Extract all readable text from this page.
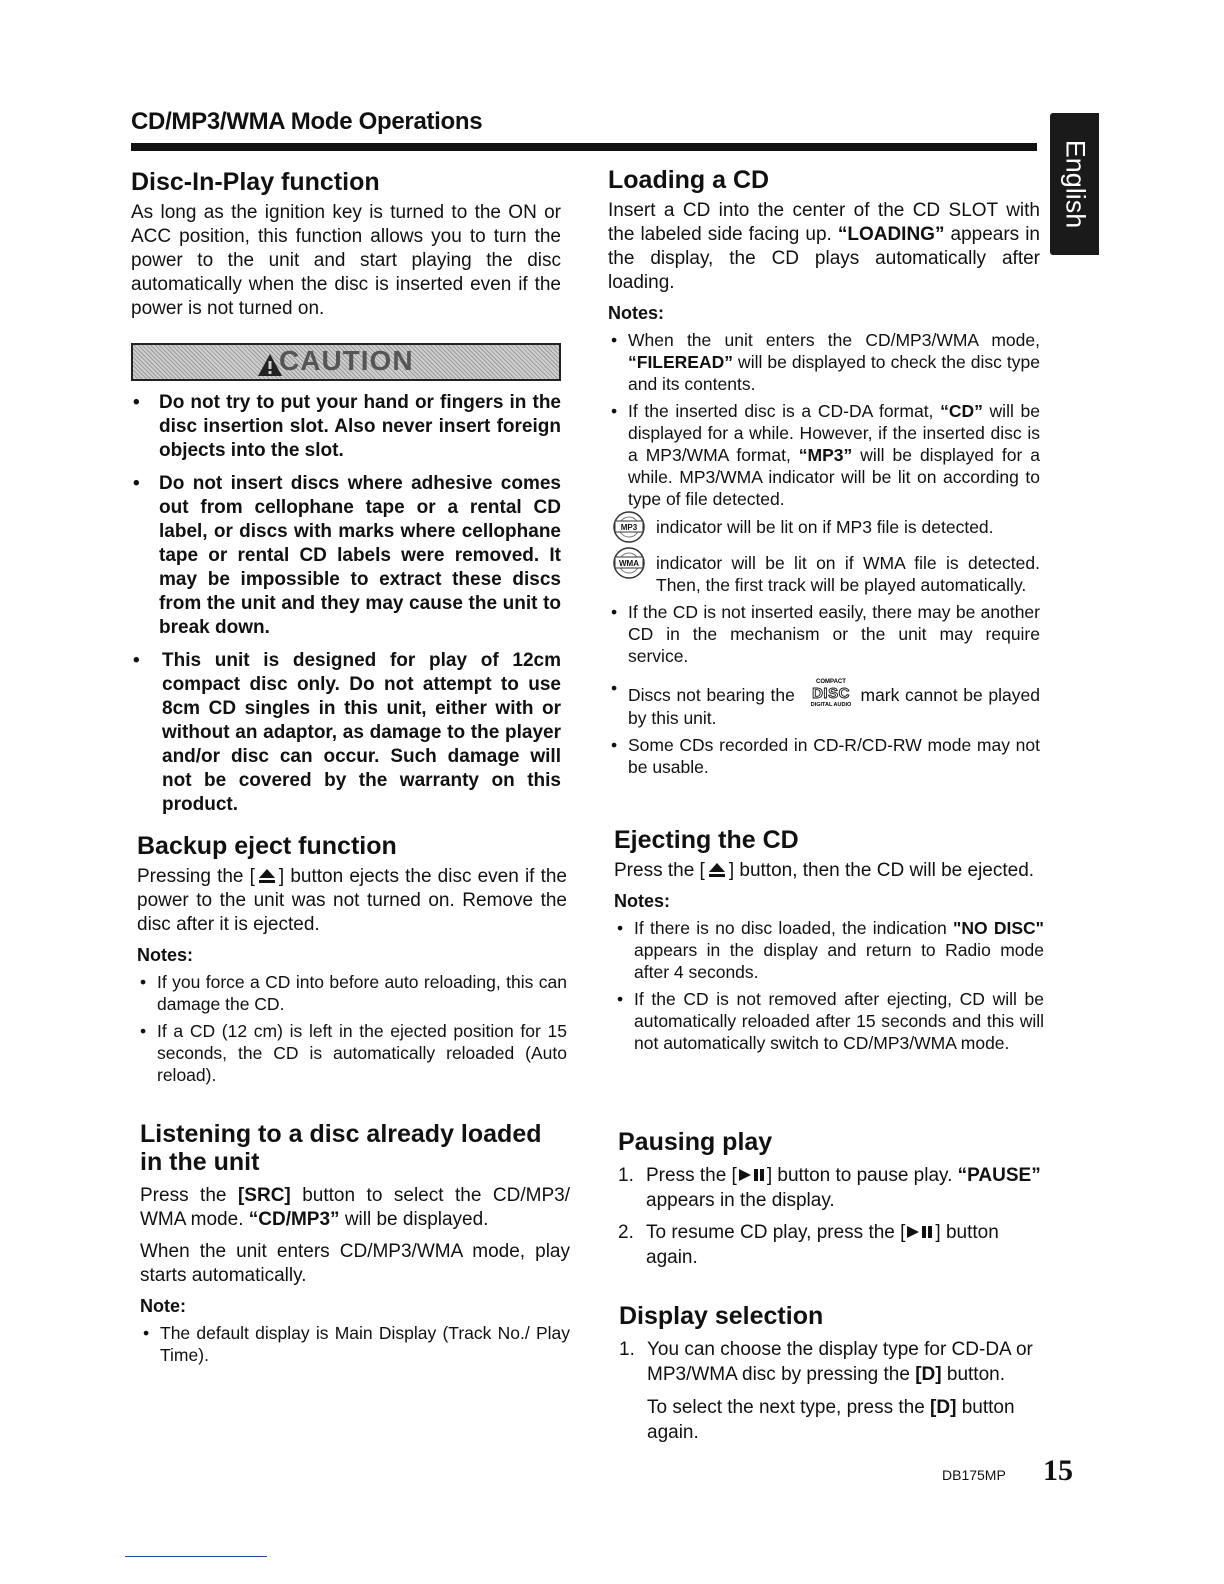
CD/MP3/WMA Mode Operations
English
Disc-In-Play function

As long as the ignition key is turned to the ON or ACC position, this function allows you to turn the power to the unit and start playing the disc automatically when the disc is inserted even if the power is not turned on.

CAUTION
• Do not try to put your hand or fingers in the disc insertion slot. Also never insert foreign objects into the slot.
• Do not insert discs where adhesive comes out from cellophane tape or a rental CD label, or discs with marks where cellophane tape or rental CD labels were removed. It may be impossible to extract these discs from the unit and they may cause the unit to break down.
• This unit is designed for play of 12cm compact disc only. Do not attempt to use 8cm CD singles in this unit, either with or without an adaptor, as damage to the player and/or disc can occur. Such damage will not be covered by the warranty on this product.
Backup eject function

Pressing the [ ] button ejects the disc even if the power to the unit was not turned on. Remove the disc after it is ejected.

Notes:
• If you force a CD into before auto reloading, this can damage the CD.
• If a CD (12 cm) is left in the ejected position for 15 seconds, the CD is automatically reloaded (Auto reload).
Listening to a disc already loaded
in the unit

Press the [SRC] button to select the CD/MP3/ WMA mode. “CD/MP3” will be displayed.

When the unit enters CD/MP3/WMA mode, play starts automatically.

Note:
• The default display is Main Display (Track No./ Play Time).
Loading a CD

Insert a CD into the center of the CD SLOT with the labeled side facing up. “LOADING” appears in the display, the CD plays automatically after loading.

Notes:
• When the unit enters the CD/MP3/WMA mode, “FILEREAD” will be displayed to check the disc type and its contents.
• If the inserted disc is a CD-DA format, “CD” will be displayed for a while. However, if the inserted disc is a MP3/WMA format, “MP3” will be displayed for a while. MP3/WMA indicator will be lit on according to type of file detected.
MP3 indicator will be lit on if MP3 file is detected.
WMA indicator will be lit on if WMA file is detected. Then, the first track will be played automatically.
• If the CD is not inserted easily, there may be another CD in the mechanism or the unit may require service.
• Discs not bearing the
COMPACT
DISC
DIGITAL AUDIO mark cannot be played by this unit.
• Some CDs recorded in CD-R/CD-RW mode may not be usable.
Ejecting the CD

Press the [ ] button, then the CD will be ejected.

Notes:
• If there is no disc loaded, the indication "NO DISC" appears in the display and return to Radio mode after 4 seconds.
• If the CD is not removed after ejecting, CD will be automatically reloaded after 15 seconds and this will not automatically switch to CD/MP3/WMA mode.
Pausing play
1. Press the [ ] button to pause play. “PAUSE” appears in the display.
2. To resume CD play, press the [ ] button again.
Display selection
1. You can choose the display type for CD-DA or MP3/WMA disc by pressing the [D] button.
To select the next type, press the [D] button again.
DB175MP 15
